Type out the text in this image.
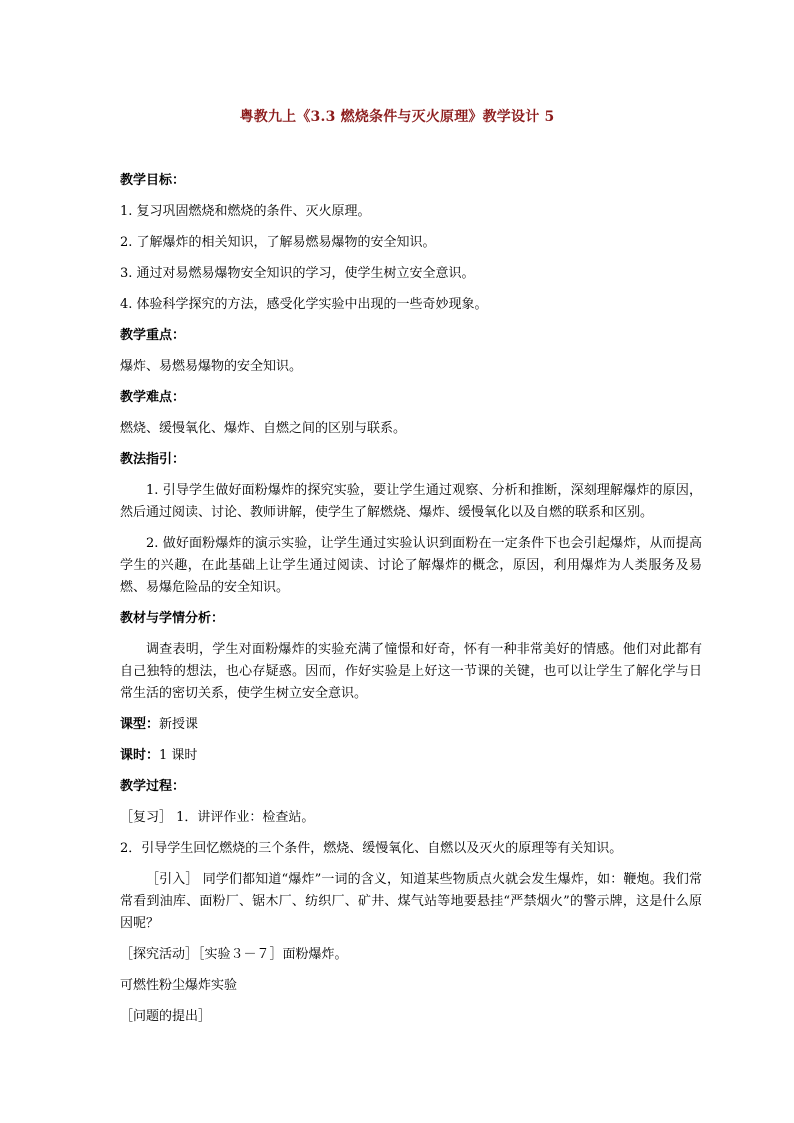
粤教九上《3.3 燃烧条件与灭火原理》教学设计 5
教学目标：
1. 复习巩固燃烧和燃烧的条件、灭火原理。
2. 了解爆炸的相关知识，了解易燃易爆物的安全知识。
3. 通过对易燃易爆物安全知识的学习，使学生树立安全意识。
4. 体验科学探究的方法，感受化学实验中出现的一些奇妙现象。
教学重点：
爆炸、易燃易爆物的安全知识。
教学难点：
燃烧、缓慢氧化、爆炸、自燃之间的区别与联系。
教法指引：
1. 引导学生做好面粉爆炸的探究实验，要让学生通过观察、分析和推断，深刻理解爆炸的原因，然后通过阅读、讨论、教师讲解，使学生了解燃烧、爆炸、缓慢氧化以及自燃的联系和区别。
2. 做好面粉爆炸的演示实验，让学生通过实验认识到面粉在一定条件下也会引起爆炸，从而提高学生的兴趣，在此基础上让学生通过阅读、讨论了解爆炸的概念，原因，利用爆炸为人类服务及易燃、易爆危险品的安全知识。
教材与学情分析：
调查表明，学生对面粉爆炸的实验充满了憧憬和好奇，怀有一种非常美好的情感。他们对此都有自己独特的想法，也心存疑惑。因而，作好实验是上好这一节课的关键，也可以让学生了解化学与日常生活的密切关系，使学生树立安全意识。
课型：新授课
课时：1 课时
教学过程：
［复习］ 1．讲评作业：检查站。
2．引导学生回忆燃烧的三个条件，燃烧、缓慢氧化、自燃以及灭火的原理等有关知识。
［引入］ 同学们都知道“爆炸”一词的含义，知道某些物质点火就会发生爆炸，如：鞭炮。我们常常看到油库、面粉厂、锯木厂、纺织厂、矿井、煤气站等地要悬挂“严禁烟火”的警示牌，这是什么原因呢？
［探究活动］［实验３－７］面粉爆炸。
可燃性粉尘爆炸实验
［问题的提出］
